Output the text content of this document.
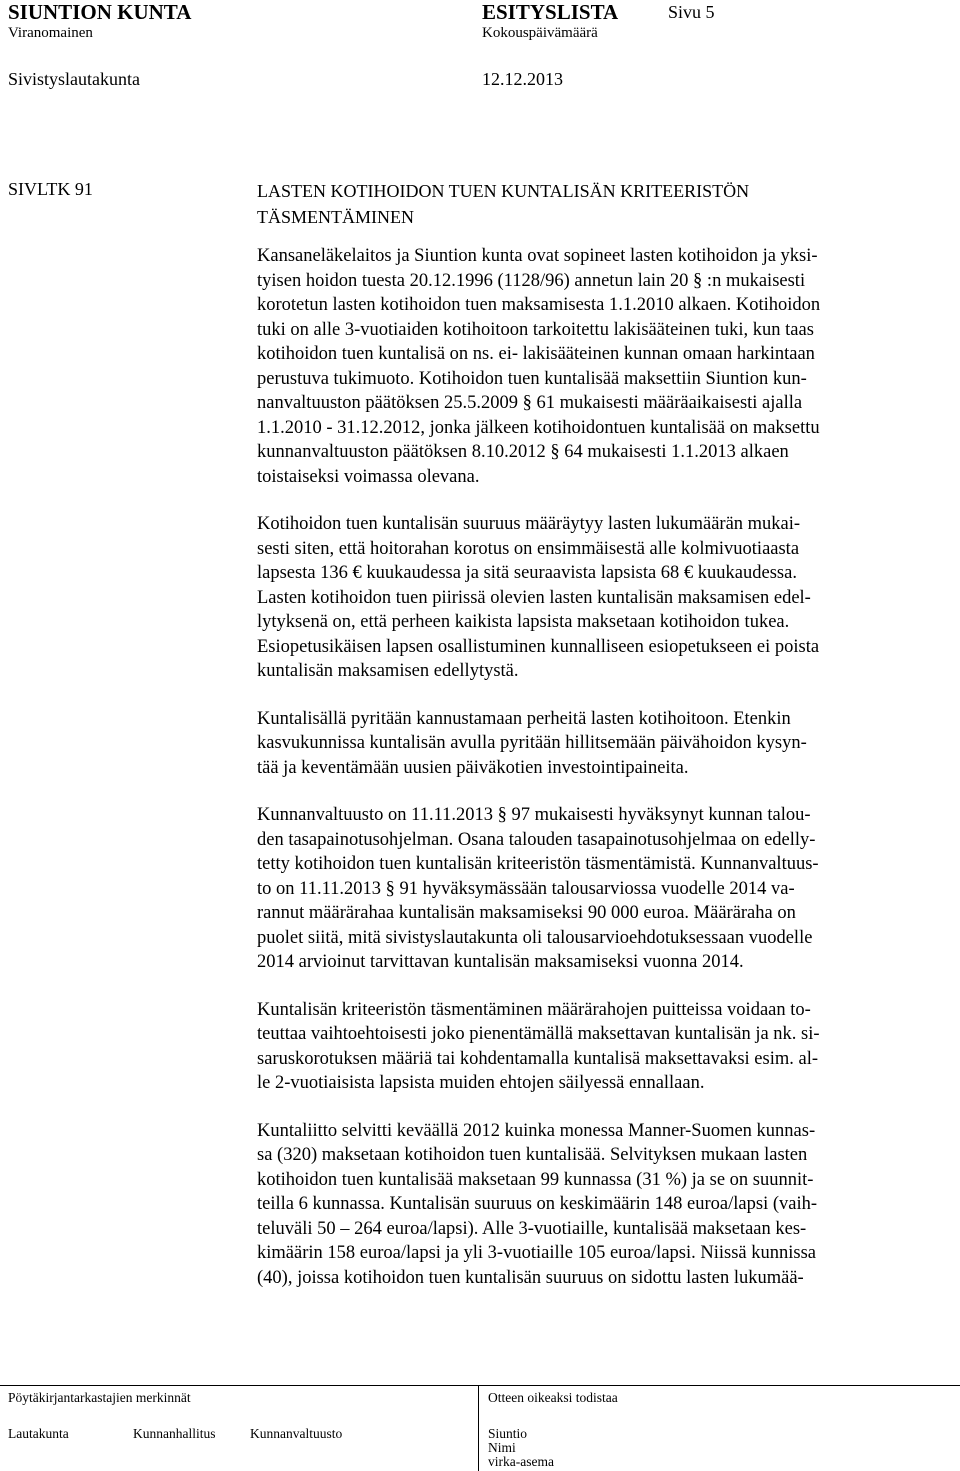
SIUNTION KUNTA	ESITYSLISTA	Sivu 5
Viranomainen	Kokouspäivämäärä
Sivistyslautakunta	12.12.2013
SIVLTK 91	LASTEN KOTIHOIDON TUEN KUNTALISÄN KRITEERISTÖN
TÄSMENTÄMINEN
Kansaneläkelaitos ja Siuntion kunta ovat sopineet lasten kotihoidon ja yksi-
tyisen hoidon tuesta 20.12.1996 (1128/96) annetun lain 20 § :n mukaisesti
korotetun lasten kotihoidon tuen maksamisesta 1.1.2010 alkaen. Kotihoidon
tuki on alle 3-vuotiaiden kotihoitoon tarkoitettu lakisääteinen tuki, kun taas
kotihoidon tuen kuntalisä on ns. ei- lakisääteinen kunnan omaan harkintaan
perustuva tukimuoto. Kotihoidon tuen kuntalisää maksettiin Siuntion kun-
nanvaltuuston päätöksen 25.5.2009 § 61 mukaisesti määräaikaisesti ajalla
1.1.2010 - 31.12.2012, jonka jälkeen kotihoidontuen kuntalisää on maksettu
kunnanvaltuuston päätöksen 8.10.2012 § 64 mukaisesti 1.1.2013 alkaen
toistaiseksi voimassa olevana.
Kotihoidon tuen kuntalisän suuruus määräytyy lasten lukumäärän mukai-
sesti siten, että hoitorahan korotus on ensimmäisestä alle kolmivuotiaasta
lapsesta 136 € kuukaudessa ja sitä seuraavista lapsista 68 € kuukaudessa.
Lasten kotihoidon tuen piirissä olevien lasten kuntalisän maksamisen edel-
lytyksenä on, että perheen kaikista lapsista maksetaan kotihoidon tukea.
Esiopetusikäisen lapsen osallistuminen kunnalliseen esiopetukseen ei poista
kuntalisän maksamisen edellytystä.
Kuntalisällä pyritään kannustamaan perheitä lasten kotihoitoon. Etenkin
kasvukunnissa kuntalisän avulla pyritään hillitsemään päivähoidon kysyn-
tää ja keventämään uusien päiväkotien investointipaineita.
Kunnanvaltuusto on 11.11.2013 § 97 mukaisesti hyväksynyt kunnan talou-
den tasapainotusohjelman. Osana talouden tasapainotusohjelmaa on edelly-
tetty kotihoidon tuen kuntalisän kriteeristön täsmentämistä. Kunnanvaltuus-
to on 11.11.2013 § 91 hyväksymässään talousarviossa vuodelle 2014 va-
rannut määrärahaa kuntalisän maksamiseksi 90 000 euroa. Määräraha on
puolet siitä, mitä sivistyslautakunta oli talousarvioehdotuksessaan vuodelle
2014 arvioinut tarvittavan kuntalisän maksamiseksi vuonna 2014.
Kuntalisän kriteeristön täsmentäminen määrärahojen puitteissa voidaan to-
teuttaa vaihtoehtoisesti joko pienentämällä maksettavan kuntalisän ja nk. si-
saruskorotuksen määriä tai kohdentamalla kuntalisä maksettavaksi esim. al-
le 2-vuotiaisista lapsista muiden ehtojen säilyessä ennallaan.
Kuntaliitto selvitti keväällä 2012 kuinka monessa Manner-Suomen kunnas-
sa (320) maksetaan kotihoidon tuen kuntalisää. Selvityksen mukaan lasten
kotihoidon tuen kuntalisää maksetaan 99 kunnassa (31 %) ja se on suunnit-
teilla 6 kunnassa. Kuntalisän suuruus on keskimäärin 148 euroa/lapsi (vaih-
teluväli 50 – 264 euroa/lapsi). Alle 3-vuotiaille, kuntalisää maksetaan kes-
kimäärin 158 euroa/lapsi ja yli 3-vuotiaille 105 euroa/lapsi. Niissä kunnissa
(40), joissa kotihoidon tuen kuntalisän suuruus on sidottu lasten lukumää-
Pöytäkirjantarkastajien merkinnät
Lautakunta	Kunnanhallitus	Kunnanvaltuusto
Otteen oikeaksi todistaa
Siuntio
Nimi
virka-asema
